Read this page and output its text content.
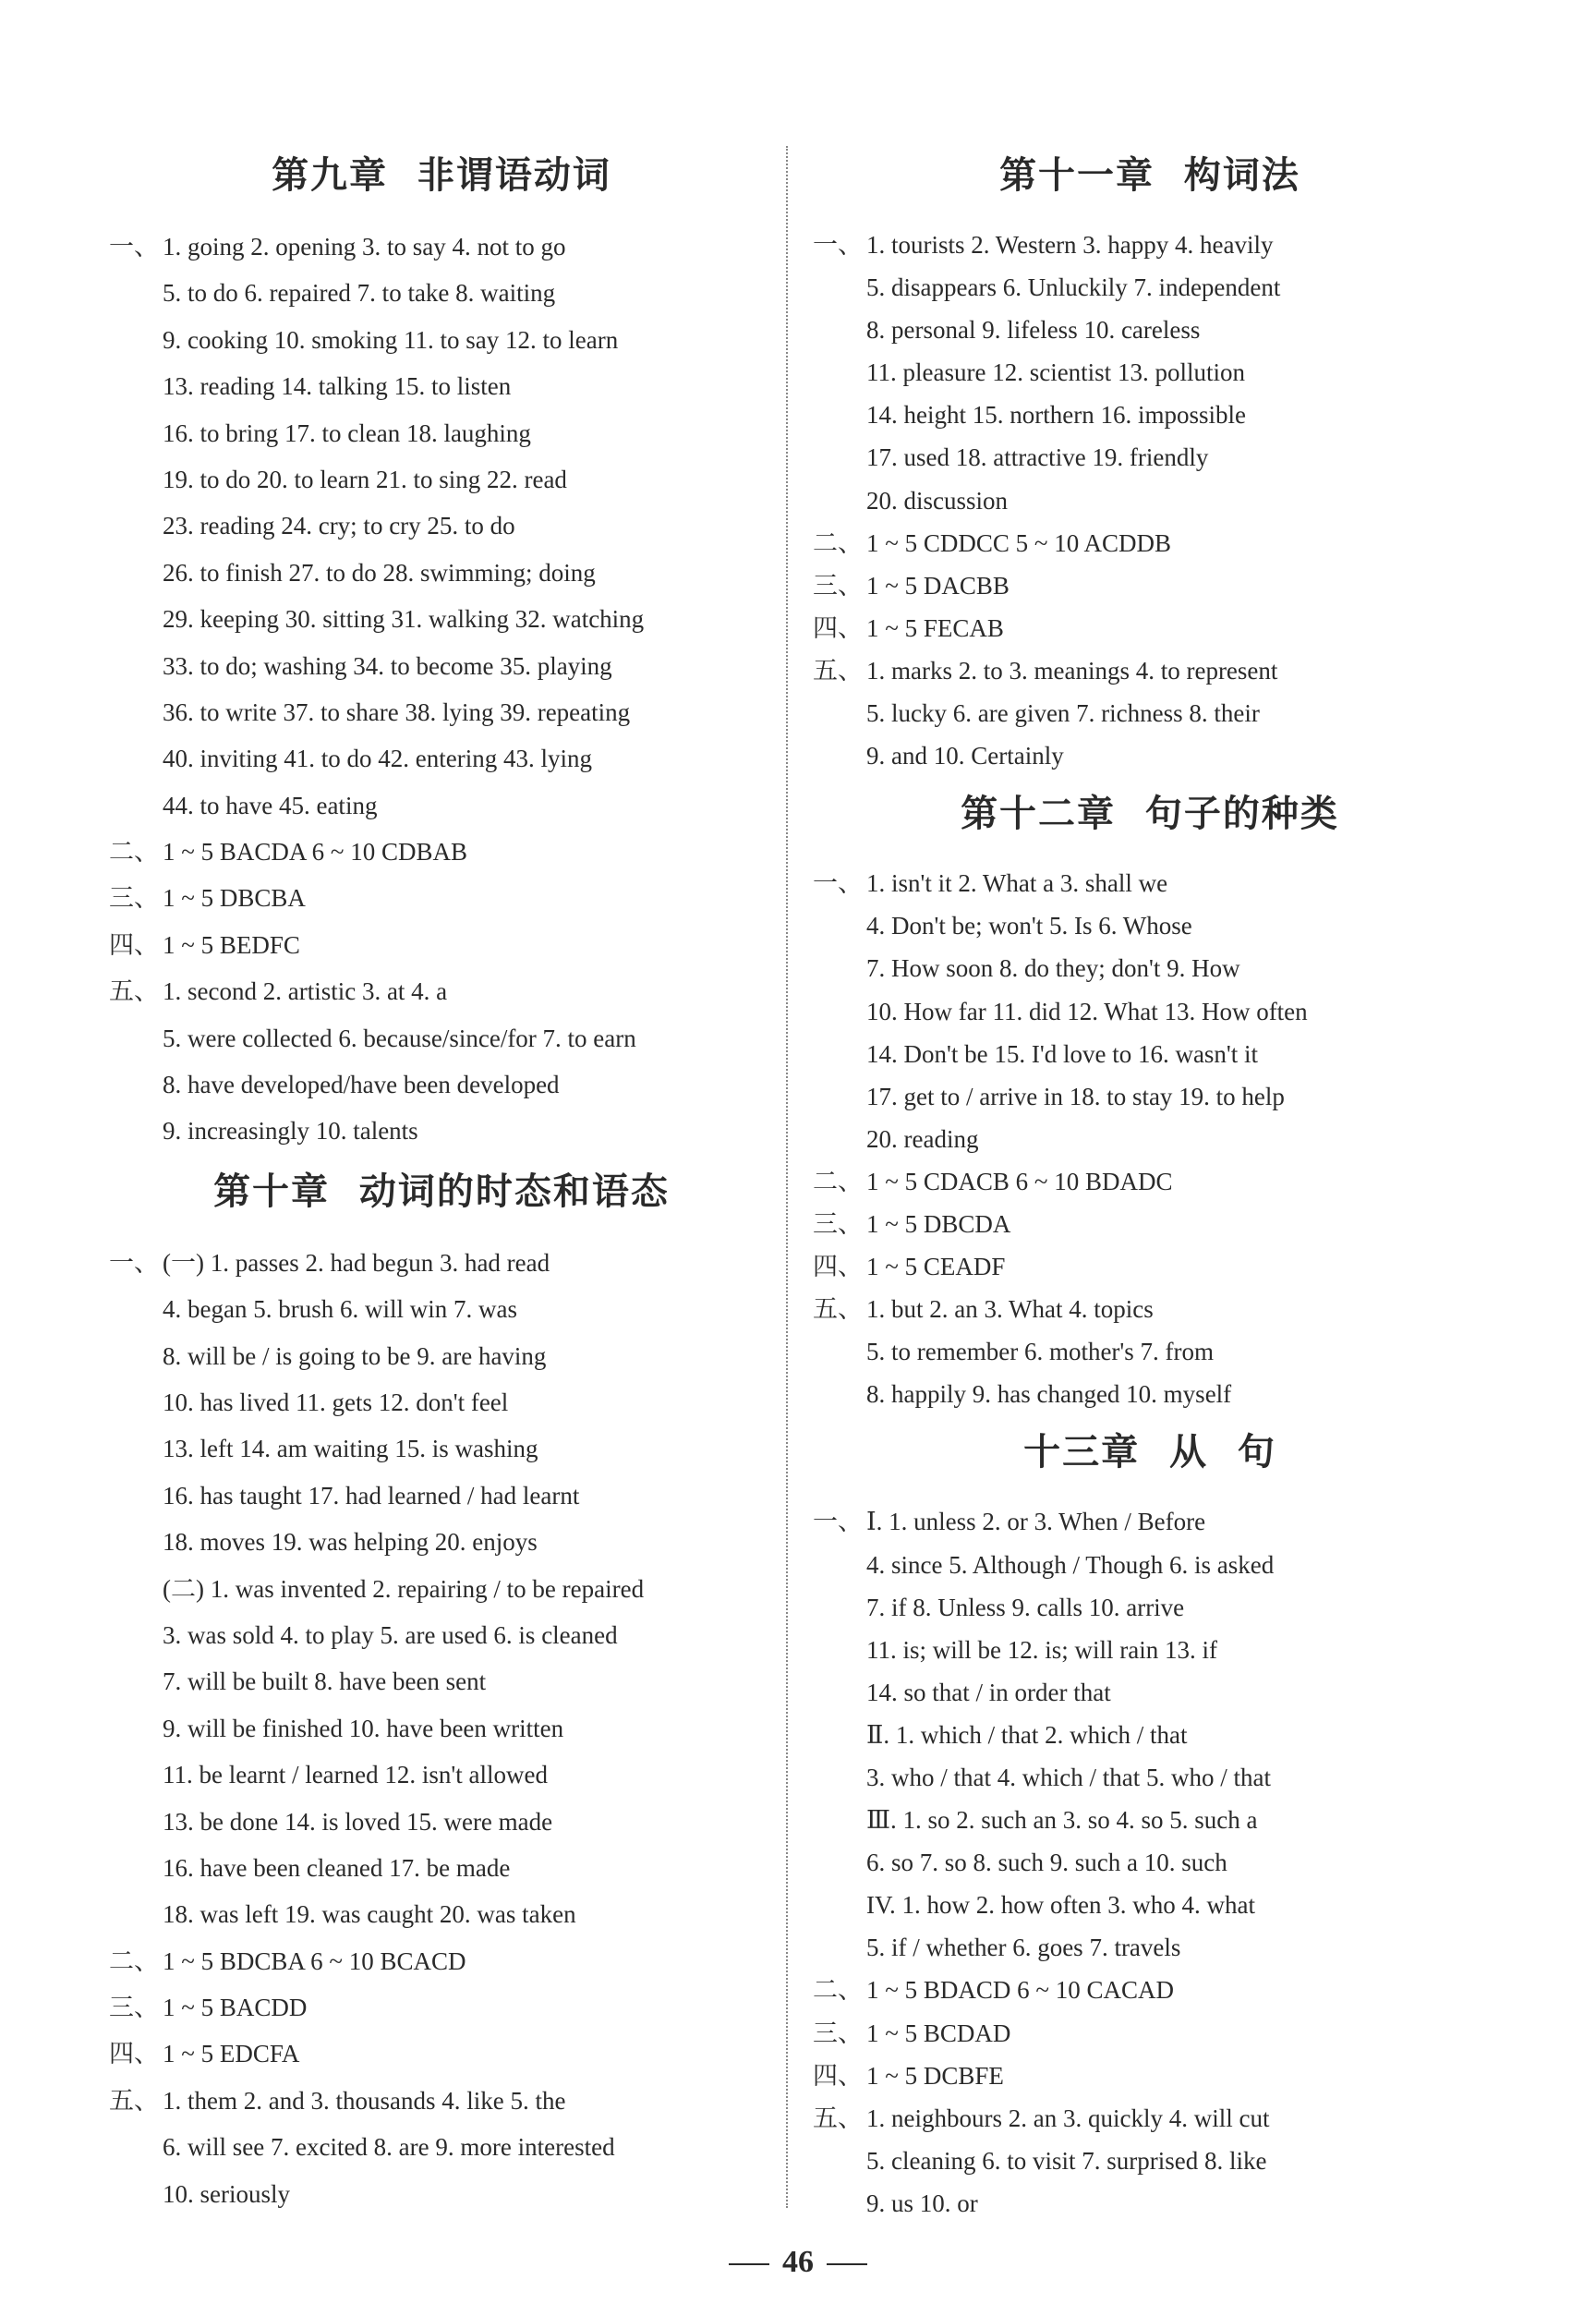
第九章  非谓语动词
一、 1. going 2. opening 3. to say 4. not to go
5. to do 6. repaired 7. to take 8. waiting
9. cooking 10. smoking 11. to say 12. to learn
13. reading 14. talking 15. to listen
16. to bring 17. to clean 18. laughing
19. to do 20. to learn 21. to sing 22. read
23. reading 24. cry; to cry 25. to do
26. to finish 27. to do 28. swimming; doing
29. keeping 30. sitting 31. walking 32. watching
33. to do; washing 34. to become 35. playing
36. to write 37. to share 38. lying 39. repeating
40. inviting 41. to do 42. entering 43. lying
44. to have 45. eating
二、 1 ~ 5 BACDA 6 ~ 10 CDBAB
三、 1 ~ 5 DBCBA
四、 1 ~ 5 BEDFC
五、 1. second 2. artistic 3. at 4. a
5. were collected 6. because/since/for 7. to earn
8. have developed/have been developed
9. increasingly 10. talents
第十章  动词的时态和语态
一、 (一) 1. passes 2. had begun 3. had read
4. began 5. brush 6. will win 7. was
8. will be / is going to be 9. are having
10. has lived 11. gets 12. don't feel
13. left 14. am waiting 15. is washing
16. has taught 17. had learned / had learnt
18. moves 19. was helping 20. enjoys
(二) 1. was invented 2. repairing / to be repaired
3. was sold 4. to play 5. are used 6. is cleaned
7. will be built 8. have been sent
9. will be finished 10. have been written
11. be learnt / learned 12. isn't allowed
13. be done 14. is loved 15. were made
16. have been cleaned 17. be made
18. was left 19. was caught 20. was taken
二、 1 ~ 5 BDCBA 6 ~ 10 BCACD
三、 1 ~ 5 BACDD
四、 1 ~ 5 EDCFA
五、 1. them 2. and 3. thousands 4. like 5. the
6. will see 7. excited 8. are 9. more interested
10. seriously
第十一章  构词法
一、 1. tourists 2. Western 3. happy 4. heavily
5. disappears 6. Unluckily 7. independent
8. personal 9. lifeless 10. careless
11. pleasure 12. scientist 13. pollution
14. height 15. northern 16. impossible
17. used 18. attractive 19. friendly
20. discussion
二、 1 ~ 5 CDDCC 5 ~ 10 ACDDB
三、 1 ~ 5 DACBB
四、 1 ~ 5 FECAB
五、 1. marks 2. to 3. meanings 4. to represent
5. lucky 6. are given 7. richness 8. their
9. and 10. Certainly
第十二章  句子的种类
一、 1. isn't it 2. What a 3. shall we
4. Don't be; won't 5. Is 6. Whose
7. How soon 8. do they; don't 9. How
10. How far 11. did 12. What 13. How often
14. Don't be 15. I'd love to 16. wasn't it
17. get to / arrive in 18. to stay 19. to help
20. reading
二、 1 ~ 5 CDACB 6 ~ 10 BDADC
三、 1 ~ 5 DBCDA
四、 1 ~ 5 CEADF
五、 1. but 2. an 3. What 4. topics
5. to remember 6. mother's 7. from
8. happily 9. has changed 10. myself
十三章  从  句
一、 Ⅰ. 1. unless 2. or 3. When / Before
4. since 5. Although / Though 6. is asked
7. if 8. Unless 9. calls 10. arrive
11. is; will be 12. is; will rain 13. if
14. so that / in order that
Ⅱ. 1. which / that 2. which / that
3. who / that 4. which / that 5. who / that
Ⅲ. 1. so 2. such an 3. so 4. so 5. such a
6. so 7. so 8. such 9. such a 10. such
IV. 1. how 2. how often 3. who 4. what
5. if / whether 6. goes 7. travels
二、 1 ~ 5 BDACD 6 ~ 10 CACAD
三、 1 ~ 5 BCDAD
四、 1 ~ 5 DCBFE
五、 1. neighbours 2. an 3. quickly 4. will cut
5. cleaning 6. to visit 7. surprised 8. like
9. us 10. or
46
